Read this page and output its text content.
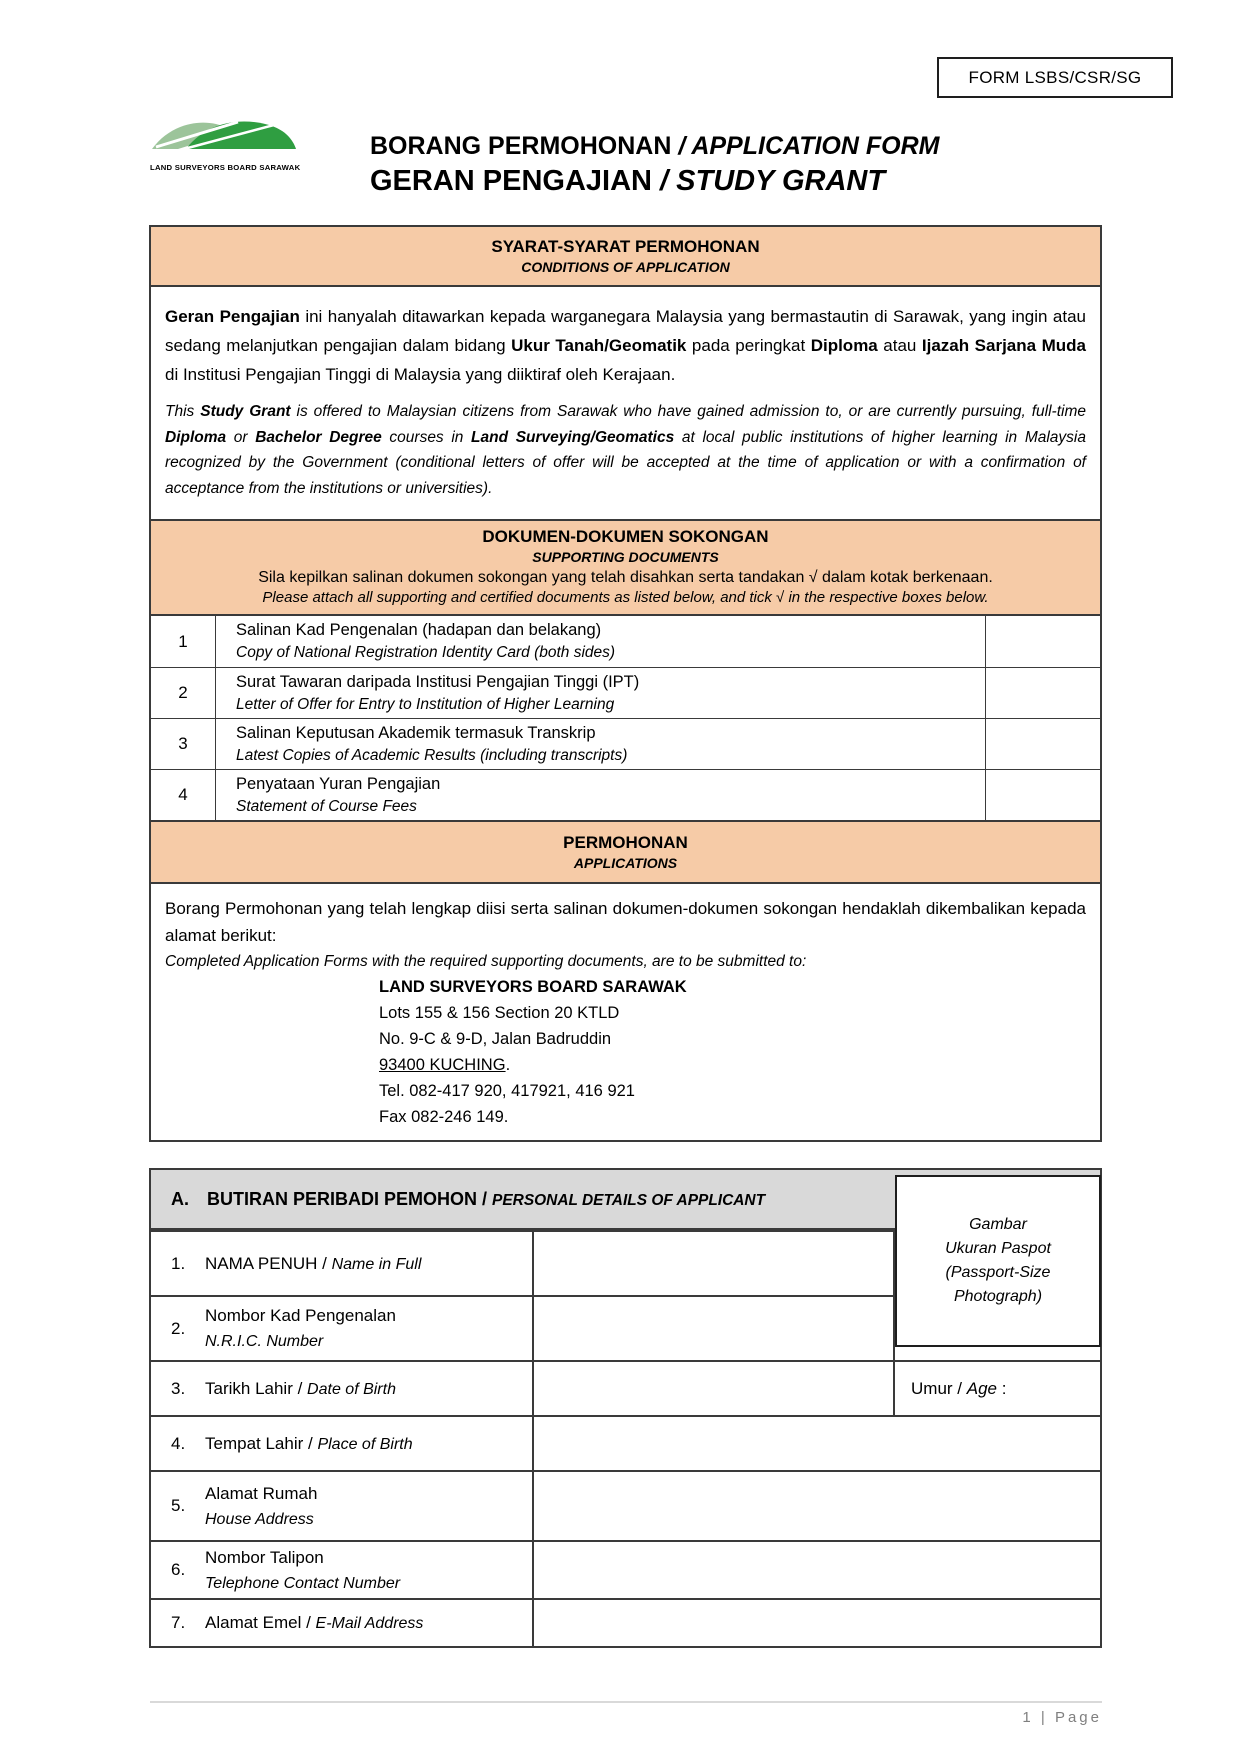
FORM LSBS/CSR/SG
LAND SURVEYORS BOARD SARAWAK
BORANG PERMOHONAN / APPLICATION FORM
GERAN PENGAJIAN / STUDY GRANT
SYARAT-SYARAT PERMOHONAN
CONDITIONS OF APPLICATION

Geran Pengajian ini hanyalah ditawarkan kepada warganegara Malaysia yang bermastautin di Sarawak, yang ingin atau sedang melanjutkan pengajian dalam bidang Ukur Tanah/Geomatik pada peringkat Diploma atau Ijazah Sarjana Muda di Institusi Pengajian Tinggi di Malaysia yang diiktiraf oleh Kerajaan.

This Study Grant is offered to Malaysian citizens from Sarawak who have gained admission to, or are currently pursuing, full-time Diploma or Bachelor Degree courses in Land Surveying/Geomatics at local public institutions of higher learning in Malaysia recognized by the Government (conditional letters of offer will be accepted at the time of application or with a confirmation of acceptance from the institutions or universities).

DOKUMEN-DOKUMEN SOKONGAN
SUPPORTING DOCUMENTS
Sila kepilkan salinan dokumen sokongan yang telah disahkan serta tandakan √ dalam kotak berkenaan.
Please attach all supporting and certified documents as listed below, and tick √ in the respective boxes below.
1
Salinan Kad Pengenalan (hadapan dan belakang)
Copy of National Registration Identity Card (both sides)
2
Surat Tawaran daripada Institusi Pengajian Tinggi (IPT)
Letter of Offer for Entry to Institution of Higher Learning
3
Salinan Keputusan Akademik termasuk Transkrip
Latest Copies of Academic Results (including transcripts)
4
Penyataan Yuran Pengajian
Statement of Course Fees
PERMOHONAN
APPLICATIONS

Borang Permohonan yang telah lengkap diisi serta salinan dokumen-dokumen sokongan hendaklah dikembalikan kepada alamat berikut:

Completed Application Forms with the required supporting documents, are to be submitted to:

LAND SURVEYORS BOARD SARAWAK
Lots 155 & 156 Section 20 KTLD
No. 9-C & 9-D, Jalan Badruddin
93400 KUCHING.
Tel. 082-417 920, 417921, 416 921
Fax 082-246 149.
A.	BUTIRAN PERIBADI PEMOHON / PERSONAL DETAILS OF APPLICANT
1.	NAMA PENUH / Name in Full
2.
Nombor Kad Pengenalan
N.R.I.C. Number
3.	Tarikh Lahir / Date of Birth	Umur / Age :
4.	Tempat Lahir / Place of Birth
5.
Alamat Rumah
House Address
6.
Nombor Talipon
Telephone Contact Number
7.	Alamat Emel / E-Mail Address
Gambar
Ukuran Paspot
(Passport-Size
Photograph)
1 | Page
